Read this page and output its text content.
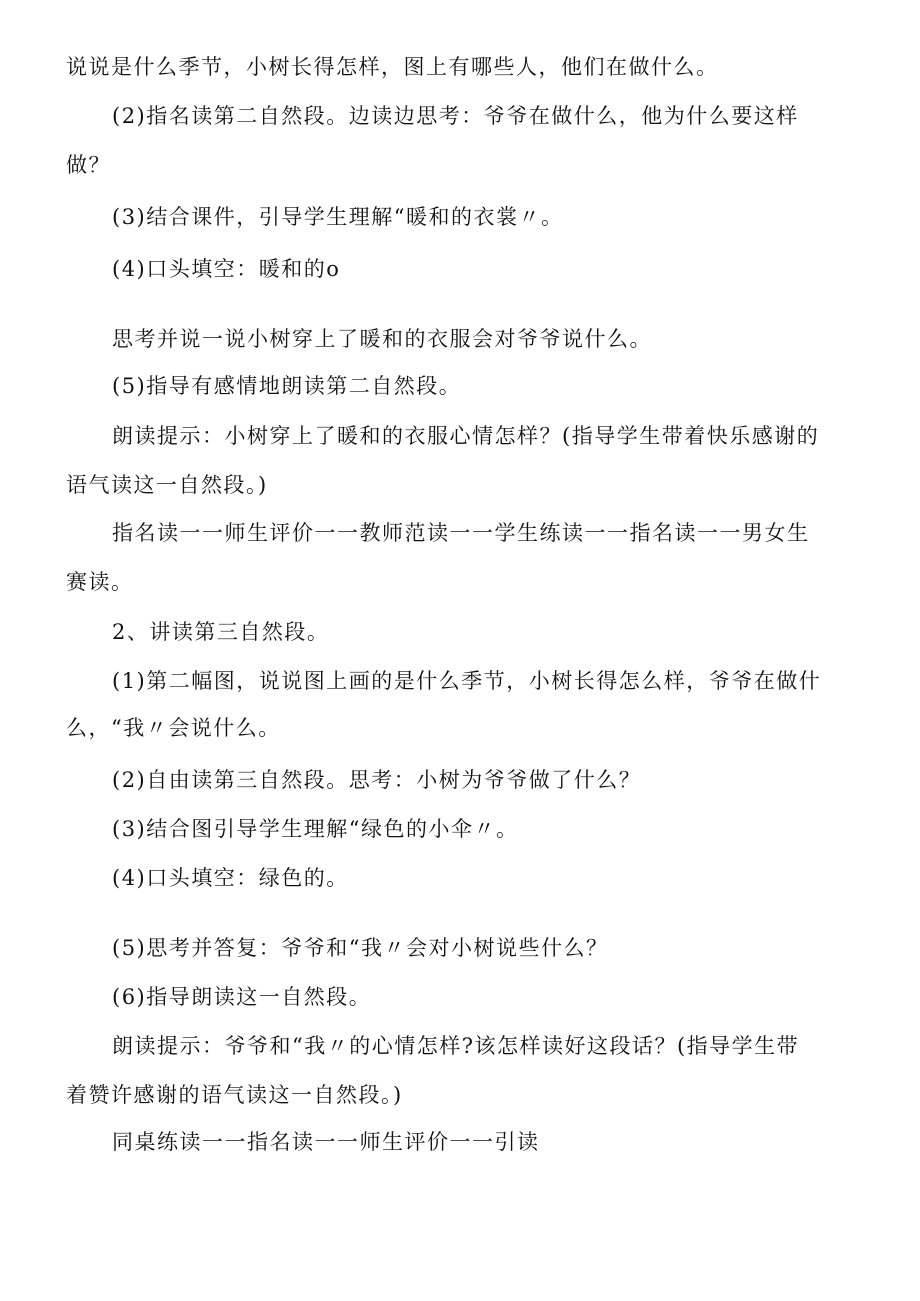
说说是什么季节，小树长得怎样，图上有哪些人，他们在做什么。
(2)指名读第二自然段。边读边思考：爷爷在做什么，他为什么要这样
做？
(3)结合课件，引导学生理解“暖和的衣裳〃。
(4)口头填空：暖和的o
思考并说一说小树穿上了暖和的衣服会对爷爷说什么。
(5)指导有感情地朗读第二自然段。
朗读提示：小树穿上了暖和的衣服心情怎样？(指导学生带着快乐感谢的
语气读这一自然段。)
指名读一一师生评价一一教师范读一一学生练读一一指名读一一男女生
赛读。
2、讲读第三自然段。
(1)第二幅图，说说图上画的是什么季节，小树长得怎么样，爷爷在做什
么，“我〃会说什么。
(2)自由读第三自然段。思考：小树为爷爷做了什么？
(3)结合图引导学生理解“绿色的小伞〃。
(4)口头填空：绿色的。
(5)思考并答复：爷爷和“我〃会对小树说些什么？
(6)指导朗读这一自然段。
朗读提示：爷爷和“我〃的心情怎样?该怎样读好这段话？(指导学生带
着赞许感谢的语气读这一自然段。)
同桌练读一一指名读一一师生评价一一引读
